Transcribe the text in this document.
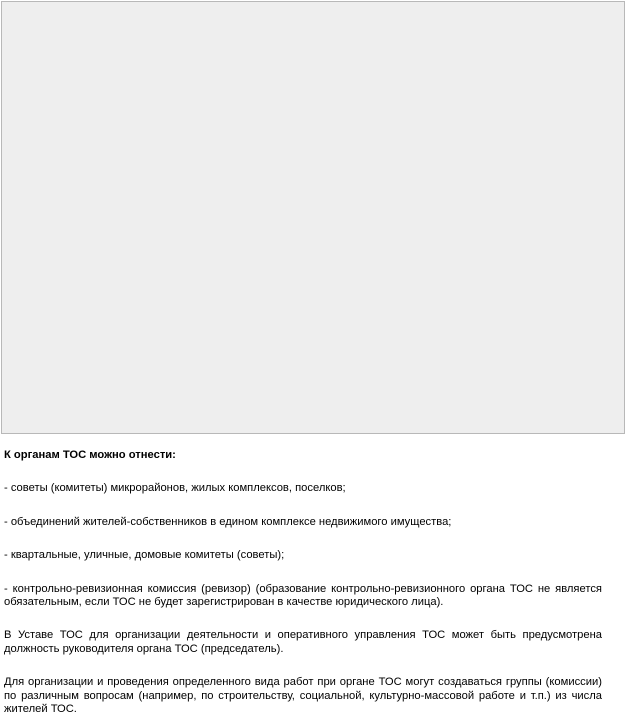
К органам ТОС можно отнести:

- советы (комитеты) микрорайонов, жилых комплексов, поселков;

- объединений жителей-собственников в едином комплексе недвижимого имущества;

- квартальные, уличные, домовые комитеты (советы);

- контрольно-ревизионная комиссия (ревизор) (образование контрольно-ревизионного органа ТОС не является обязательным, если ТОС не будет зарегистрирован в качестве юридического лица).

В Уставе ТОС для организации деятельности и оперативного управления ТОС может быть предусмотрена должность руководителя органа ТОС (председатель).

Для организации и проведения определенного вида работ при органе ТОС могут создаваться группы (комиссии) по различным вопросам (например, по строительству, социальной, культурно-массовой работе и т.п.) из числа жителей ТОС.
